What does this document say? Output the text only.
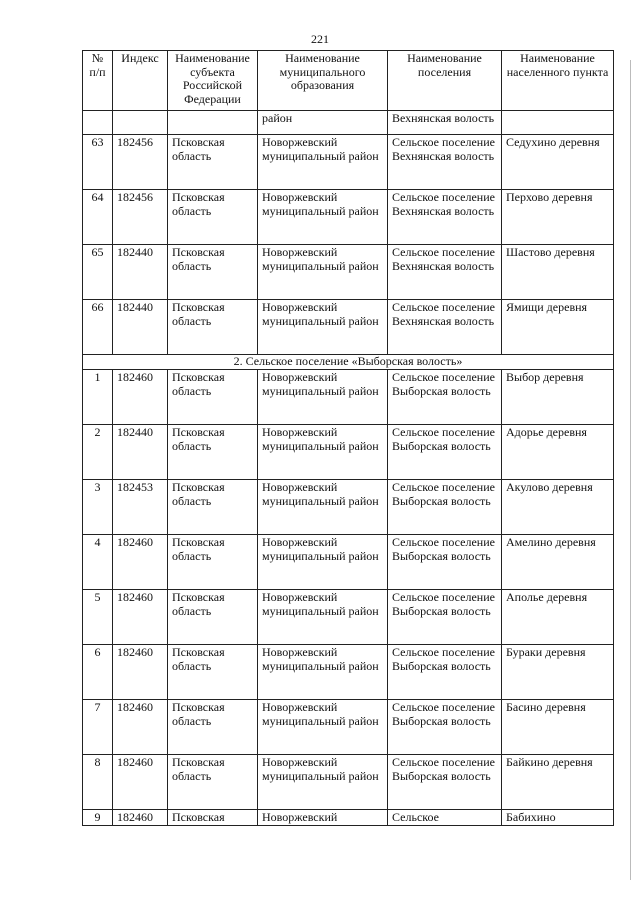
221
№ п/п	Индекс	Наименование субъекта Российской Федерации	Наименование муниципального образования	Наименование поселения	Наименование населенного пункта
			район	Вехнянская волость	
63	182456	Псковская область	Новоржевский муниципальный район	Сельское поселение Вехнянская волость	Седухино деревня
64	182456	Псковская область	Новоржевский муниципальный район	Сельское поселение Вехнянская волость	Перхово деревня
65	182440	Псковская область	Новоржевский муниципальный район	Сельское поселение Вехнянская волость	Шастово деревня
66	182440	Псковская область	Новоржевский муниципальный район	Сельское поселение Вехнянская волость	Ямищи деревня
2. Сельское поселение «Выборская волость»					
1	182460	Псковская область	Новоржевский муниципальный район	Сельское поселение Выборская волость	Выбор деревня
2	182440	Псковская область	Новоржевский муниципальный район	Сельское поселение Выборская волость	Адорье деревня
3	182453	Псковская область	Новоржевский муниципальный район	Сельское поселение Выборская волость	Акулово деревня
4	182460	Псковская область	Новоржевский муниципальный район	Сельское поселение Выборская волость	Амелино деревня
5	182460	Псковская область	Новоржевский муниципальный район	Сельское поселение Выборская волость	Аполье деревня
6	182460	Псковская область	Новоржевский муниципальный район	Сельское поселение Выборская волость	Бураки деревня
7	182460	Псковская область	Новоржевский муниципальный район	Сельское поселение Выборская волость	Басино деревня
8	182460	Псковская область	Новоржевский муниципальный район	Сельское поселение Выборская волость	Байкино деревня
9	182460	Псковская	Новоржевский	Сельское	Бабихино
